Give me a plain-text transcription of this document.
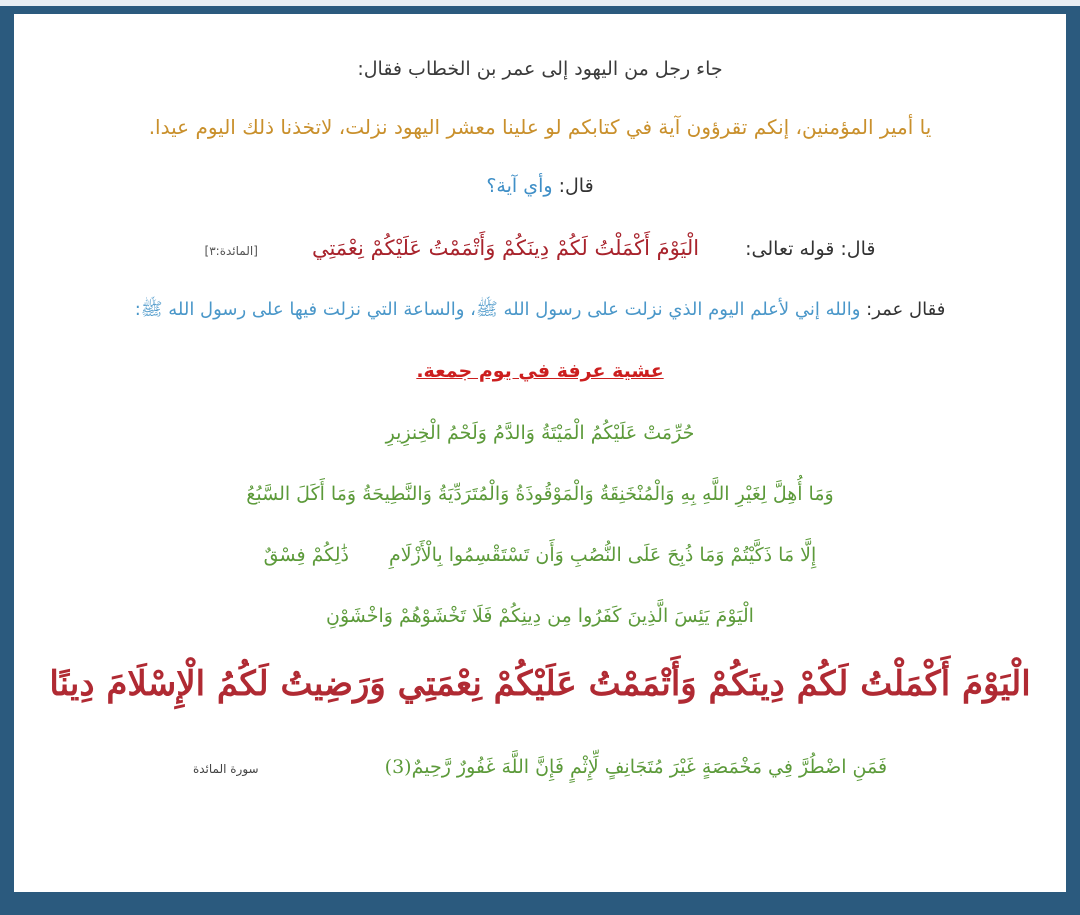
جاء رجل من اليهود إلى عمر بن الخطاب فقال:
يا أمير المؤمنين، إنكم تقرؤون آية في كتابكم لو علينا معشر اليهود نزلت، لاتخذنا ذلك اليوم عيدا.
قال: وأي آية؟
قال: قوله تعالى: الْيَوْمَ أَكْمَلْتُ لَكُمْ دِينَكُمْ وَأَتْمَمْتُ عَلَيْكُمْ نِعْمَتِي [المائدة:٣]
فقال عمر: والله إني لأعلم اليوم الذي نزلت على رسول الله ﷺ، والساعة التي نزلت فيها على رسول الله ﷺ:
عشية عرفة في يوم جمعة.
حُرِّمَتْ عَلَيْكُمُ الْمَيْتَةُ وَالدَّمُ وَلَحْمُ الْخِنزِيرِ
وَمَا أُهِلَّ لِغَيْرِ اللَّهِ بِهِ وَالْمُنْخَنِقَةُ وَالْمَوْقُوذَةُ وَالْمُتَرَدِّيَةُ وَالنَّطِيحَةُ وَمَا أَكَلَ السَّبُعُ
إِلَّا مَا ذَكَّيْتُمْ وَمَا ذُبِحَ عَلَى النُّصُبِ وَأَن تَسْتَقْسِمُوا بِالْأَزْلَامِذَٰلِكُمْ فِسْقٌ
الْيَوْمَ يَئِسَ الَّذِينَ كَفَرُوا مِن دِينِكُمْ فَلَا تَخْشَوْهُمْ وَاخْشَوْنِ
الْيَوْمَ أَكْمَلْتُ لَكُمْ دِينَكُمْ وَأَتْمَمْتُ عَلَيْكُمْ نِعْمَتِي وَرَضِيتُ لَكُمُ الْإِسْلَامَ دِينًا
فَمَنِ اضْطُرَّ فِي مَخْمَصَةٍ غَيْرَ مُتَجَانِفٍ لِّإِثْمٍ فَإِنَّ اللَّهَ غَفُورٌ رَّحِيمٌ(3) سورة المائدة
